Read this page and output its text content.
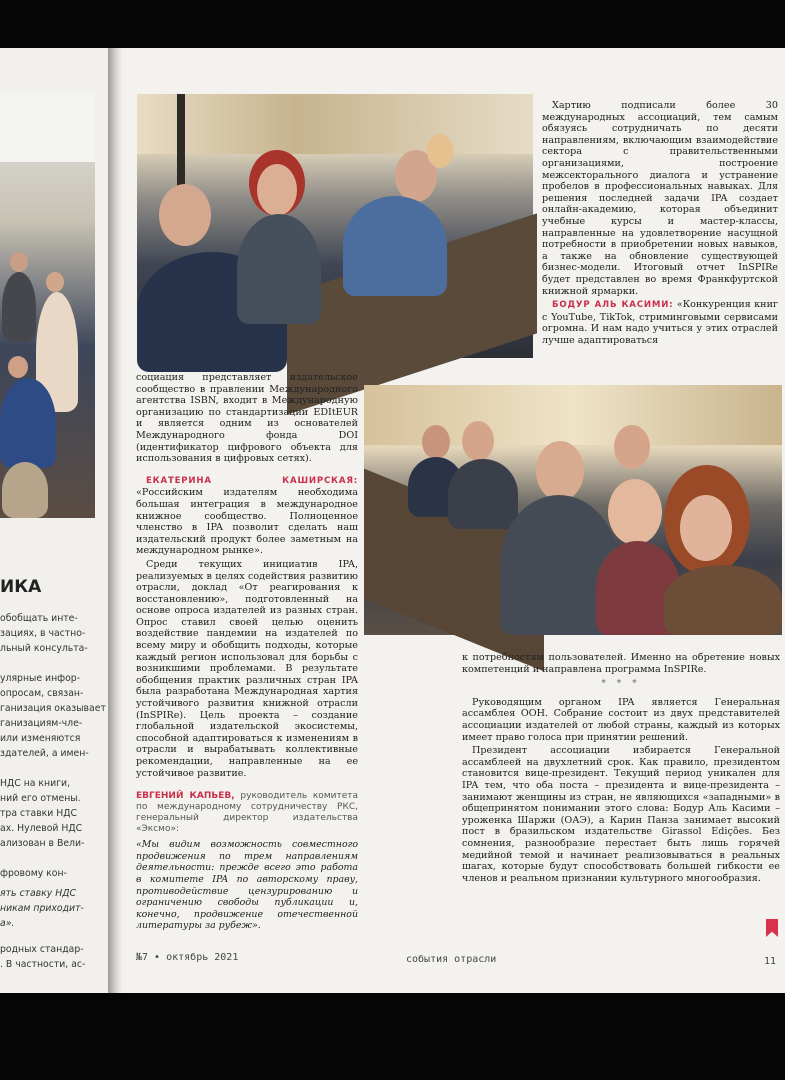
ИКА
обобщать инте-
зациях, в частно-
льный консульта-

улярные инфор-
опросам, связан-
ганизация оказывает
ганизациям-чле-
или изменяются
здателей, а имен-

НДС на книги,
ний его отмены.
тра ставки НДС
ах. Нулевой НДС
ализован в Вели-

фровому кон-
ять ставку НДС
никам приходит-
а».
родных стандар-
. В частности, ас-

Хартию подписали более 30 международных ассоциаций, тем самым обязуясь сотрудничать по десяти направлениям, включающим взаимодействие сектора с правительственными организациями, построение межсекторального диалога и устранение пробелов в профессиональных навыках. Для решения последней задачи IPA создает онлайн-академию, которая объединит учебные курсы и мастер-классы, направленные на удовлетворение насущной потребности в приобретении новых навыков, а также на обновление существующей бизнес-модели. Итоговый отчет InSPIRe будет представлен во время Франкфуртской книжной ярмарки.

БОДУР АЛЬ КАСИМИ: «Конкуренция книг с YouTube, TikTok, стриминговыми сервисами огромна. И нам надо учиться у этих отраслей лучше адаптироваться

социация представляет издательское сообщество в правлении Международного агентства ISBN, входит в Международную организацию по стандартизации EDItEUR и является одним из основателей Международного фонда DOI (идентификатор цифрового объекта для использования в цифровых сетях).

ЕКАТЕРИНА КАШИРСКАЯ: «Российским издателям необходима большая интеграция в международное книжное сообщество. Полноценное членство в IPA позволит сделать наш издательский продукт более заметным на международном рынке».

Среди текущих инициатив IPA, реализуемых в целях содействия развитию отрасли, доклад «От реагирования к восстановлению», подготовленный на основе опроса издателей из разных стран. Опрос ставил своей целью оценить воздействие пандемии на издателей по всему миру и обобщить подходы, которые каждый регион использовал для борьбы с возникшими проблемами. В результате обобщения практик различных стран IPA была разработана Международная хартия устойчивого развития книжной отрасли (InSPIRe). Цель проекта – создание глобальной издательской экосистемы, способной адаптироваться к изменениям в отрасли и вырабатывать коллективные рекомендации, направленные на ее устойчивое развитие.

ЕВГЕНИЙ КАПЬЕВ, руководитель комитета по международному сотрудничеству РКС, генеральный директор издательства «Эксмо»:
«Мы видим возможность совместного продвижения по трем направлениям деятельности: прежде всего это работа в комитете IPA по авторскому праву, противодействие цензурированию и ограничению свободы публикации и, конечно, продвижение отечественной литературы за рубеж».

к потребностям пользователей. Именно на обретение новых компетенций и направлена программа InSPIRe.

* * *

Руководящим органом IPA является Генеральная ассамблея ООН. Собрание состоит из двух представителей ассоциации издателей от любой страны, каждый из которых имеет право голоса при принятии решений.

Президент ассоциации избирается Генеральной ассамблеей на двухлетний срок. Как правило, президентом становится вице-президент. Текущий период уникален для IPA тем, что оба поста – президента и вице-президента – занимают женщины из стран, не являющихся «западными» в общепринятом понимании этого слова: Бодур Аль Касими – уроженка Шаржи (ОАЭ), а Карин Панза занимает высокий пост в бразильском издательстве Girassol Edições. Без сомнения, разнообразие перестает быть лишь горячей медийной темой и начинает реализовываться в реальных шагах, которые будут способствовать большей гибкости ее членов и реальном признании культурного многообразия.

№7 • октябрь 2021	события отрасли	11
